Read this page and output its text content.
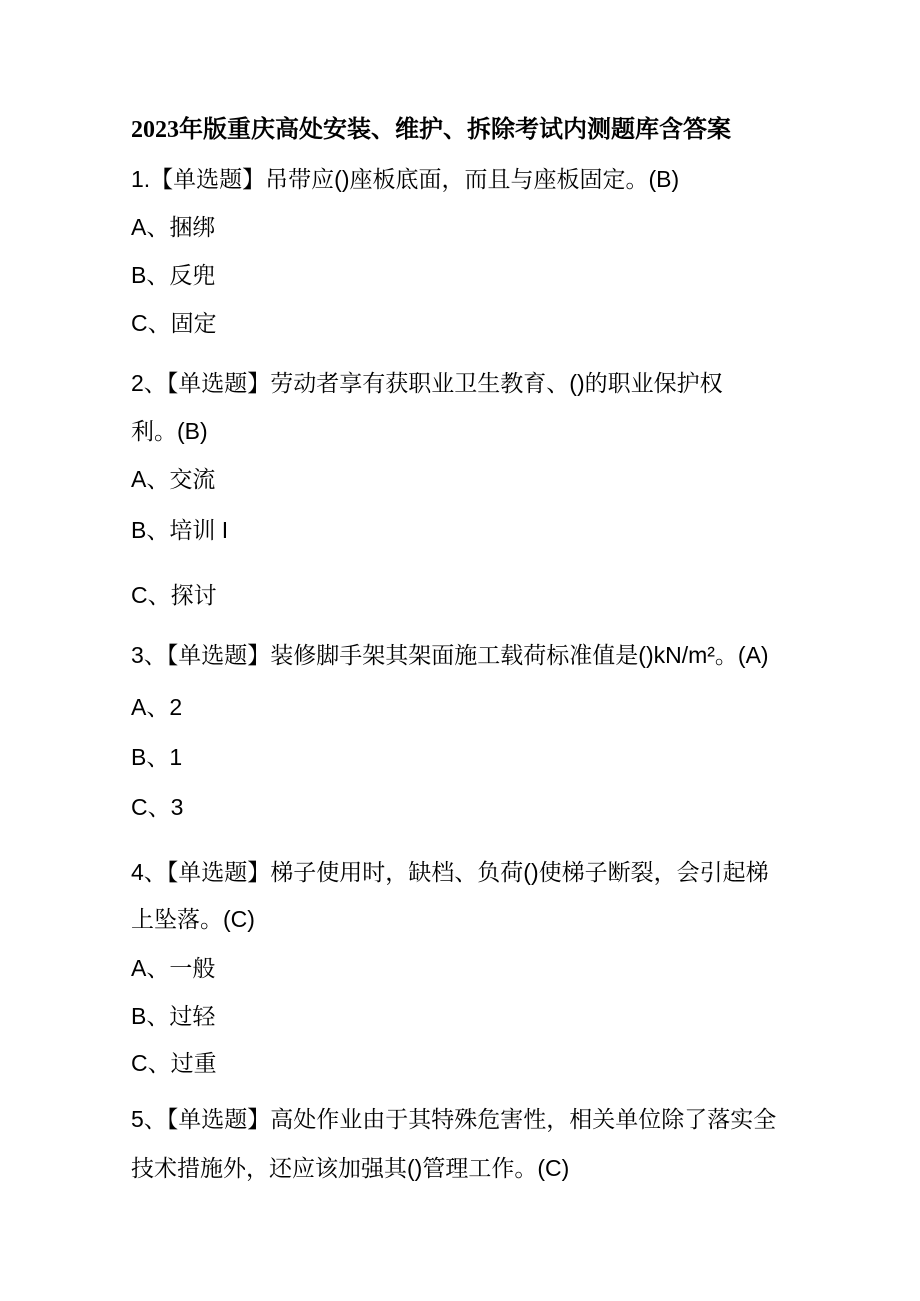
2023年版重庆高处安装、维护、拆除考试内测题库含答案
1.【单选题】吊带应()座板底面，而且与座板固定。(B)
A、捆绑
B、反兜
C、固定
2、【单选题】劳动者享有获职业卫生教育、()的职业保护权
利。(B)
A、交流
B、培训 I
C、探讨
3、【单选题】装修脚手架其架面施工载荷标准值是()kN/m²。(A)
A、2
B、1
C、3
4、【单选题】梯子使用时，缺档、负荷()使梯子断裂，会引起梯
上坠落。(C)
A、一般
B、过轻
C、过重
5、【单选题】高处作业由于其特殊危害性，相关单位除了落实全
技术措施外，还应该加强其()管理工作。(C)
